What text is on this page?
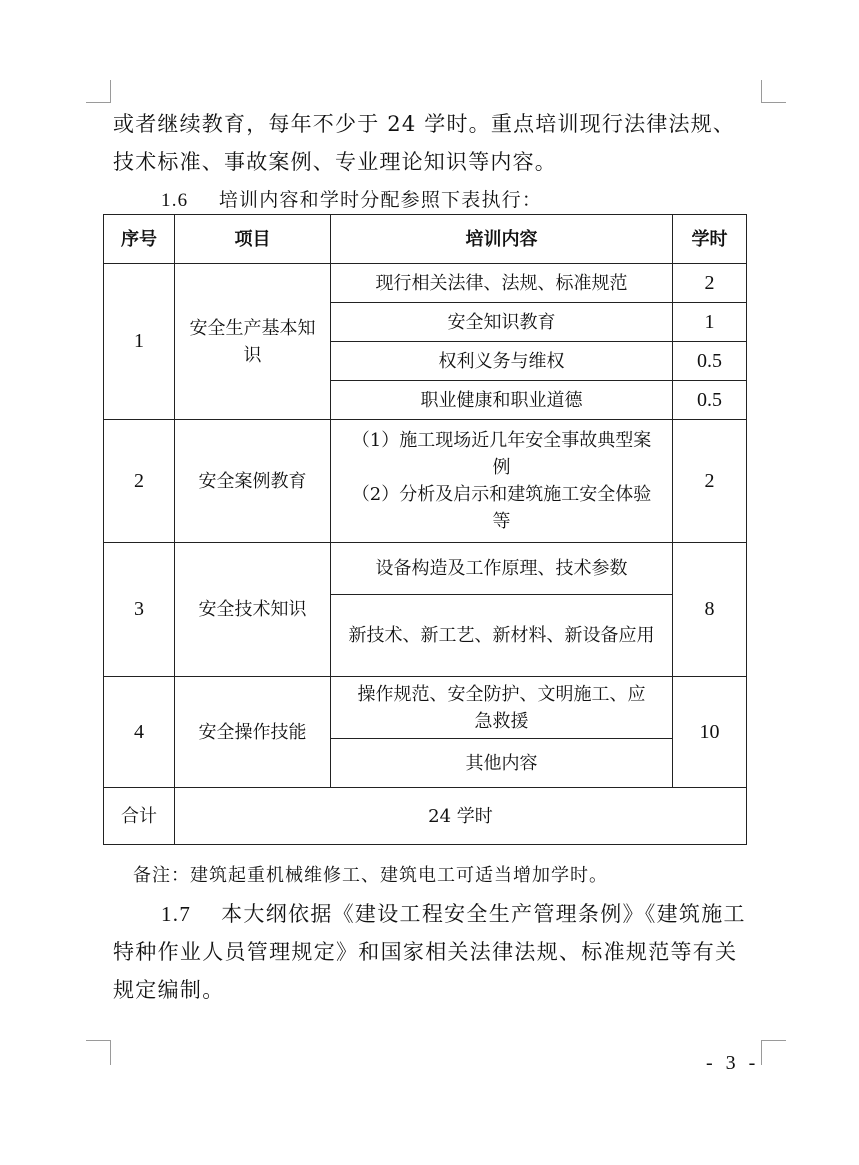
或者继续教育，每年不少于 24 学时。重点培训现行法律法规、
技术标准、事故案例、专业理论知识等内容。
1.6 培训内容和学时分配参照下表执行：
序号	项目	培训内容	学时
1	安全生产基本知识	现行相关法律、法规、标准规范	2
		安全知识教育	1
		权利义务与维权	0.5
		职业健康和职业道德	0.5
2	安全案例教育	（1）施工现场近几年安全事故典型案例
（2）分析及启示和建筑施工安全体验等	2
3	安全技术知识	设备构造及工作原理、技术参数	8
		新技术、新工艺、新材料、新设备应用	
4	安全操作技能	操作规范、安全防护、文明施工、应急救援	10
		其他内容	
合计	24 学时		
备注：建筑起重机械维修工、建筑电工可适当增加学时。
1.7 本大纲依据《建设工程安全生产管理条例》《建筑施工
特种作业人员管理规定》和国家相关法律法规、标准规范等有关
规定编制。
- 3 -
